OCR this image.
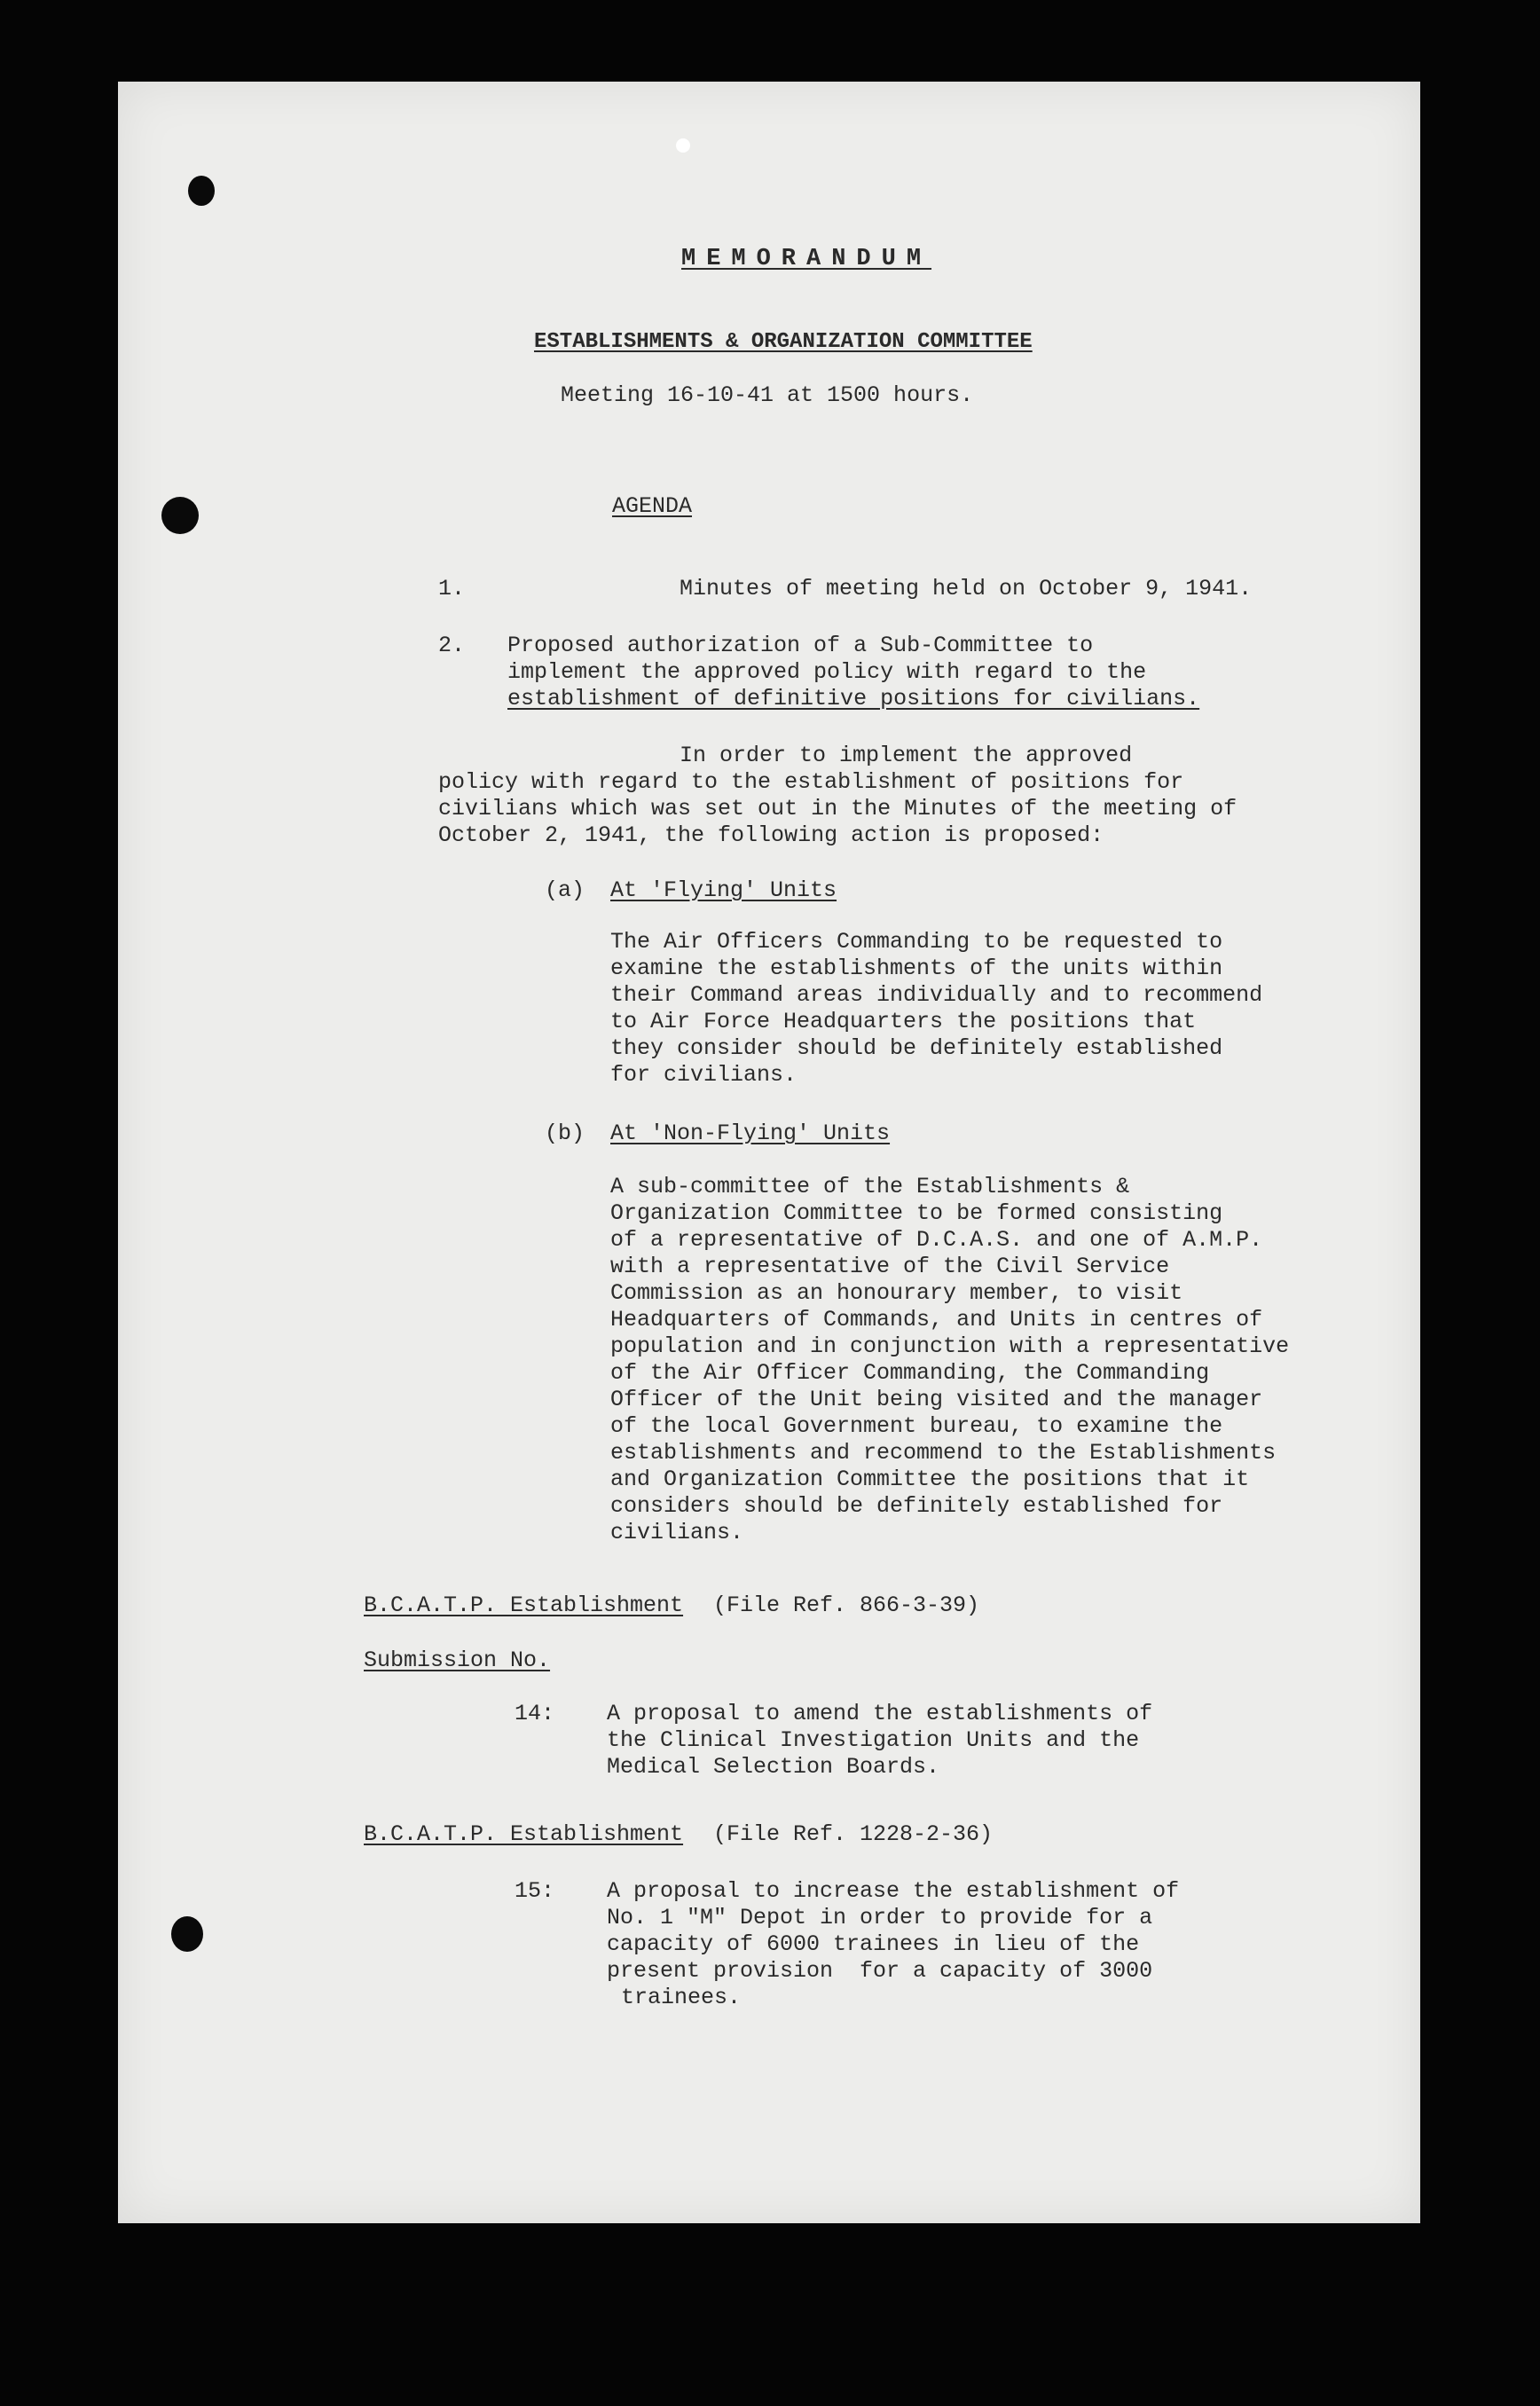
MEMORANDUM
ESTABLISHMENTS & ORGANIZATION COMMITTEE
Meeting 16-10-41 at 1500 hours.
AGENDA
1.	Minutes of meeting held on October 9, 1941.
2. Proposed authorization of a Sub-Committee to
implement the approved policy with regard to the
establishment of definitive positions for civilians.
In order to implement the approved
policy with regard to the establishment of positions for
civilians which was set out in the Minutes of the meeting of
October 2, 1941, the following action is proposed:
(a) At 'Flying' Units
The Air Officers Commanding to be requested to
examine the establishments of the units within
their Command areas individually and to recommend
to Air Force Headquarters the positions that
they consider should be definitely established
for civilians.
(b) At 'Non-Flying' Units
A sub-committee of the Establishments &
Organization Committee to be formed consisting
of a representative of D.C.A.S. and one of A.M.P.
with a representative of the Civil Service
Commission as an honourary member, to visit
Headquarters of Commands, and Units in centres of
population and in conjunction with a representative
of the Air Officer Commanding, the Commanding
Officer of the Unit being visited and the manager
of the local Government bureau, to examine the
establishments and recommend to the Establishments
and Organization Committee the positions that it
considers should be definitely established for
civilians.
B.C.A.T.P. Establishment (File Ref. 866-3-39)
Submission No.
14: A proposal to amend the establishments of
the Clinical Investigation Units and the
Medical Selection Boards.
B.C.A.T.P. Establishment (File Ref. 1228-2-36)
15: A proposal to increase the establishment of
No. 1 "M" Depot in order to provide for a
capacity of 6000 trainees in lieu of the
present provision  for a capacity of 3000
trainees.
